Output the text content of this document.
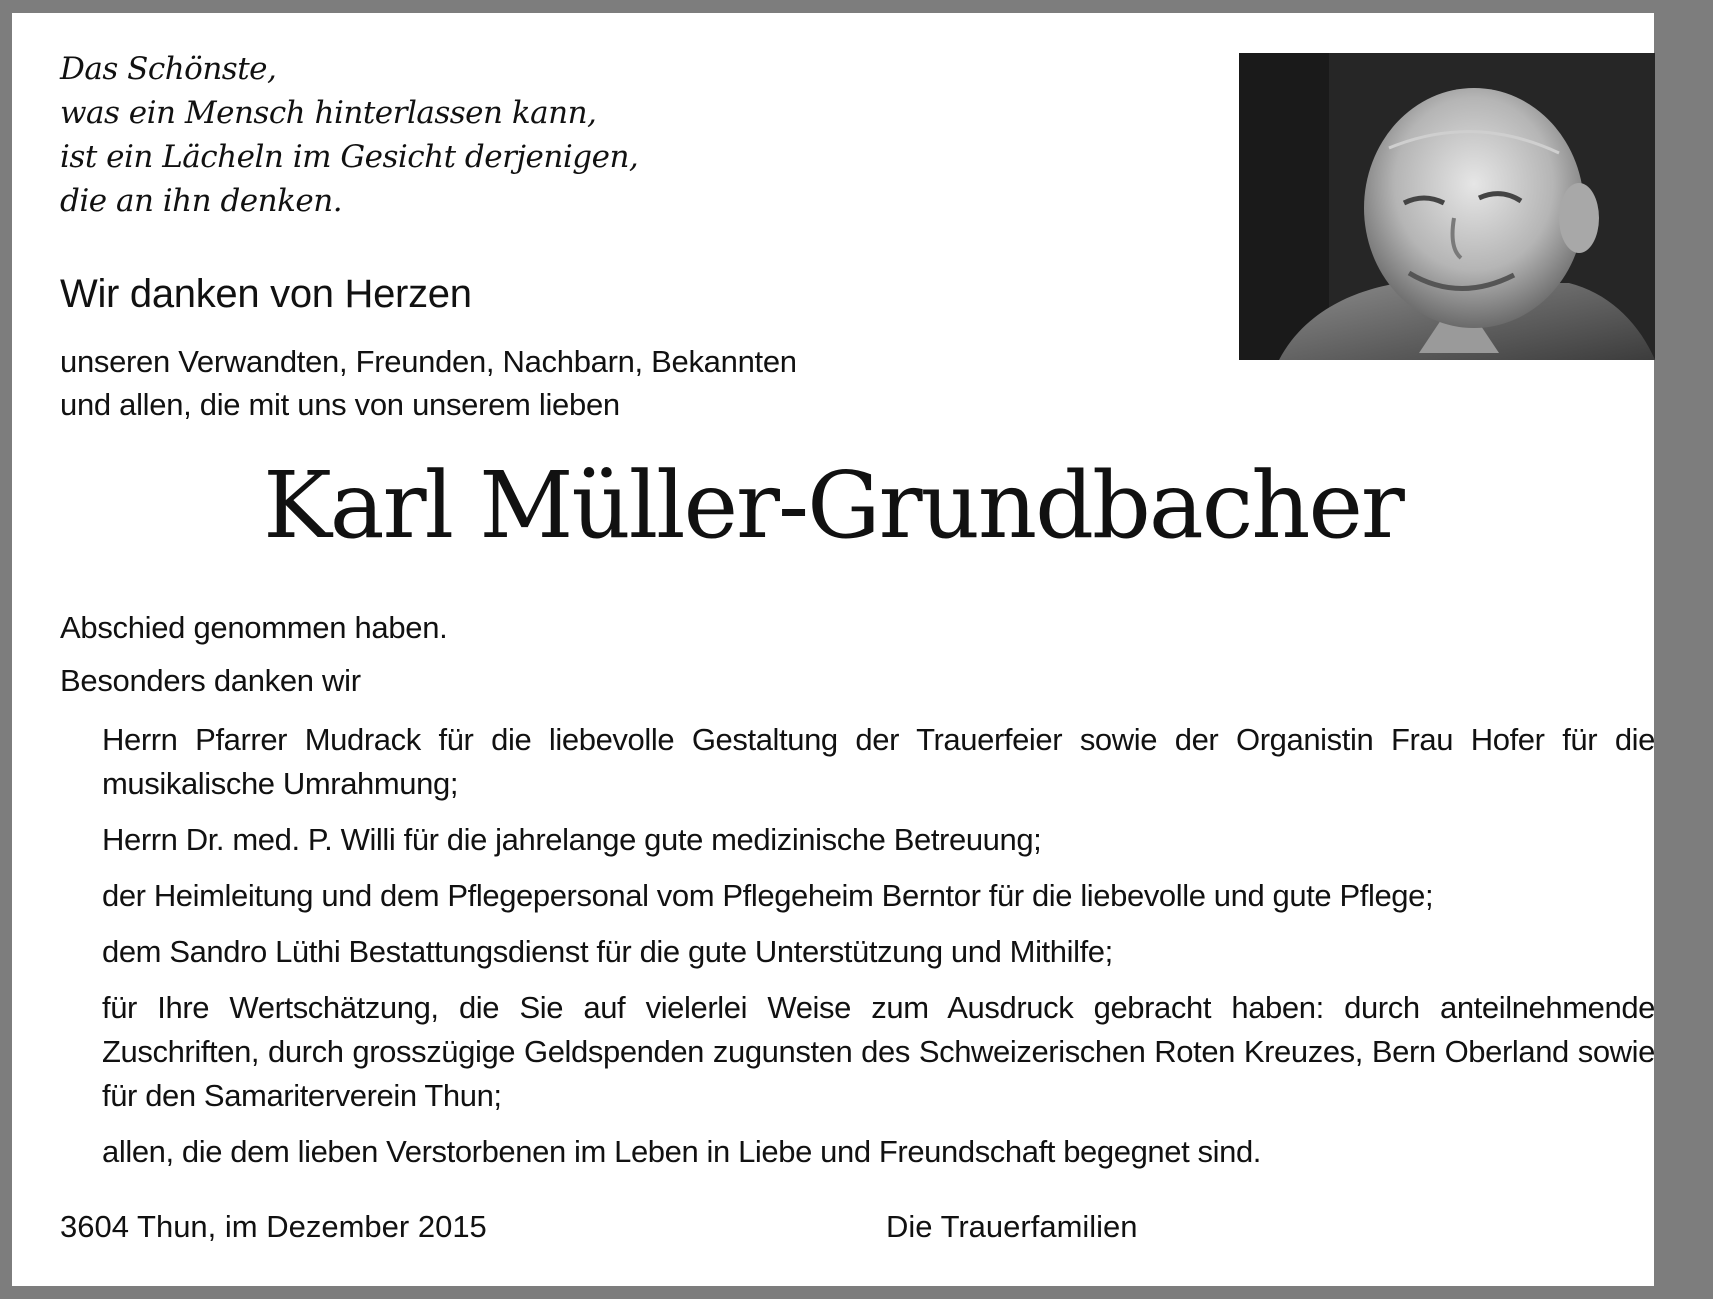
Das Schönste,
was ein Mensch hinterlassen kann,
ist ein Lächeln im Gesicht derjenigen,
die an ihn denken.
Wir danken von Herzen
unseren Verwandten, Freunden, Nachbarn, Bekannten
und allen, die mit uns von unserem lieben
Karl Müller-Grundbacher
Abschied genommen haben.
Besonders danken wir
Herrn Pfarrer Mudrack für die liebevolle Gestaltung der Trauerfeier sowie der Organistin Frau Hofer für die musikalische Umrahmung;
Herrn Dr. med. P. Willi für die jahrelange gute medizinische Betreuung;
der Heimleitung und dem Pflegepersonal vom Pflegeheim Berntor für die liebevolle und gute Pflege;
dem Sandro Lüthi Bestattungsdienst für die gute Unterstützung und Mithilfe;
für Ihre Wertschätzung, die Sie auf vielerlei Weise zum Ausdruck gebracht haben: durch anteilnehmende Zuschriften, durch grosszügige Geldspenden zugunsten des Schweizerischen Roten Kreuzes, Bern Oberland sowie für den Samariterverein Thun;
allen, die dem lieben Verstorbenen im Leben in Liebe und Freundschaft begegnet sind.
3604 Thun, im Dezember 2015	Die Trauerfamilien
